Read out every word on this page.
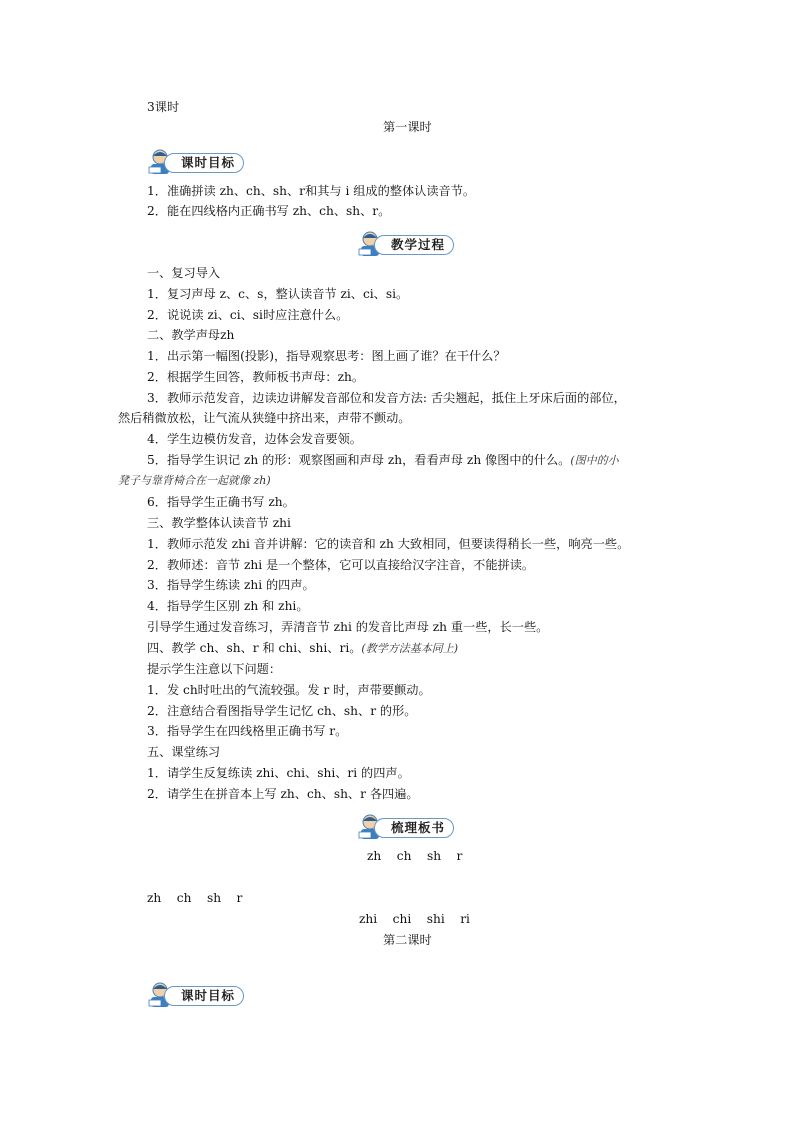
3课时
第一课时
课时目标
1．准确拼读 zh、ch、sh、r和其与 i 组成的整体认读音节。
2．能在四线格内正确书写 zh、ch、sh、r。
教学过程
一、复习导入
1．复习声母 z、c、s，整认读音节 zi、ci、si。
2．说说读 zi、ci、si时应注意什么。
二、教学声母zh
1．出示第一幅图(投影)，指导观察思考：图上画了谁？在干什么？
2．根据学生回答，教师板书声母：zh。
3．教师示范发音，边读边讲解发音部位和发音方法: 舌尖翘起，抵住上牙床后面的部位，
然后稍微放松，让气流从狭缝中挤出来，声带不颤动。
4．学生边模仿发音，边体会发音要领。
5．指导学生识记 zh 的形：观察图画和声母 zh，看看声母 zh 像图中的什么。(图中的小
凳子与靠背椅合在一起就像 zh)
6．指导学生正确书写 zh。
三、教学整体认读音节 zhi
1．教师示范发 zhi 音并讲解：它的读音和 zh 大致相同，但要读得稍长一些，响亮一些。
2．教师述：音节 zhi 是一个整体，它可以直接给汉字注音，不能拼读。
3．指导学生练读 zhi 的四声。
4．指导学生区别 zh 和 zhi。
引导学生通过发音练习，弄清音节 zhi 的发音比声母 zh 重一些，长一些。
四、教学 ch、sh、r 和 chi、shi、ri。(教学方法基本同上)
提示学生注意以下问题：
1．发 ch时吐出的气流较强。发 r 时，声带要颤动。
2．注意结合看图指导学生记忆 ch、sh、r 的形。
3．指导学生在四线格里正确书写 r。
五、课堂练习
1．请学生反复练读 zhi、chi、shi、ri 的四声。
2．请学生在拼音本上写 zh、ch、sh、r 各四遍。
梳理板书
zh    ch    sh    r
zh    ch    sh    r
zhi    chi    shi    ri
第二课时
课时目标
